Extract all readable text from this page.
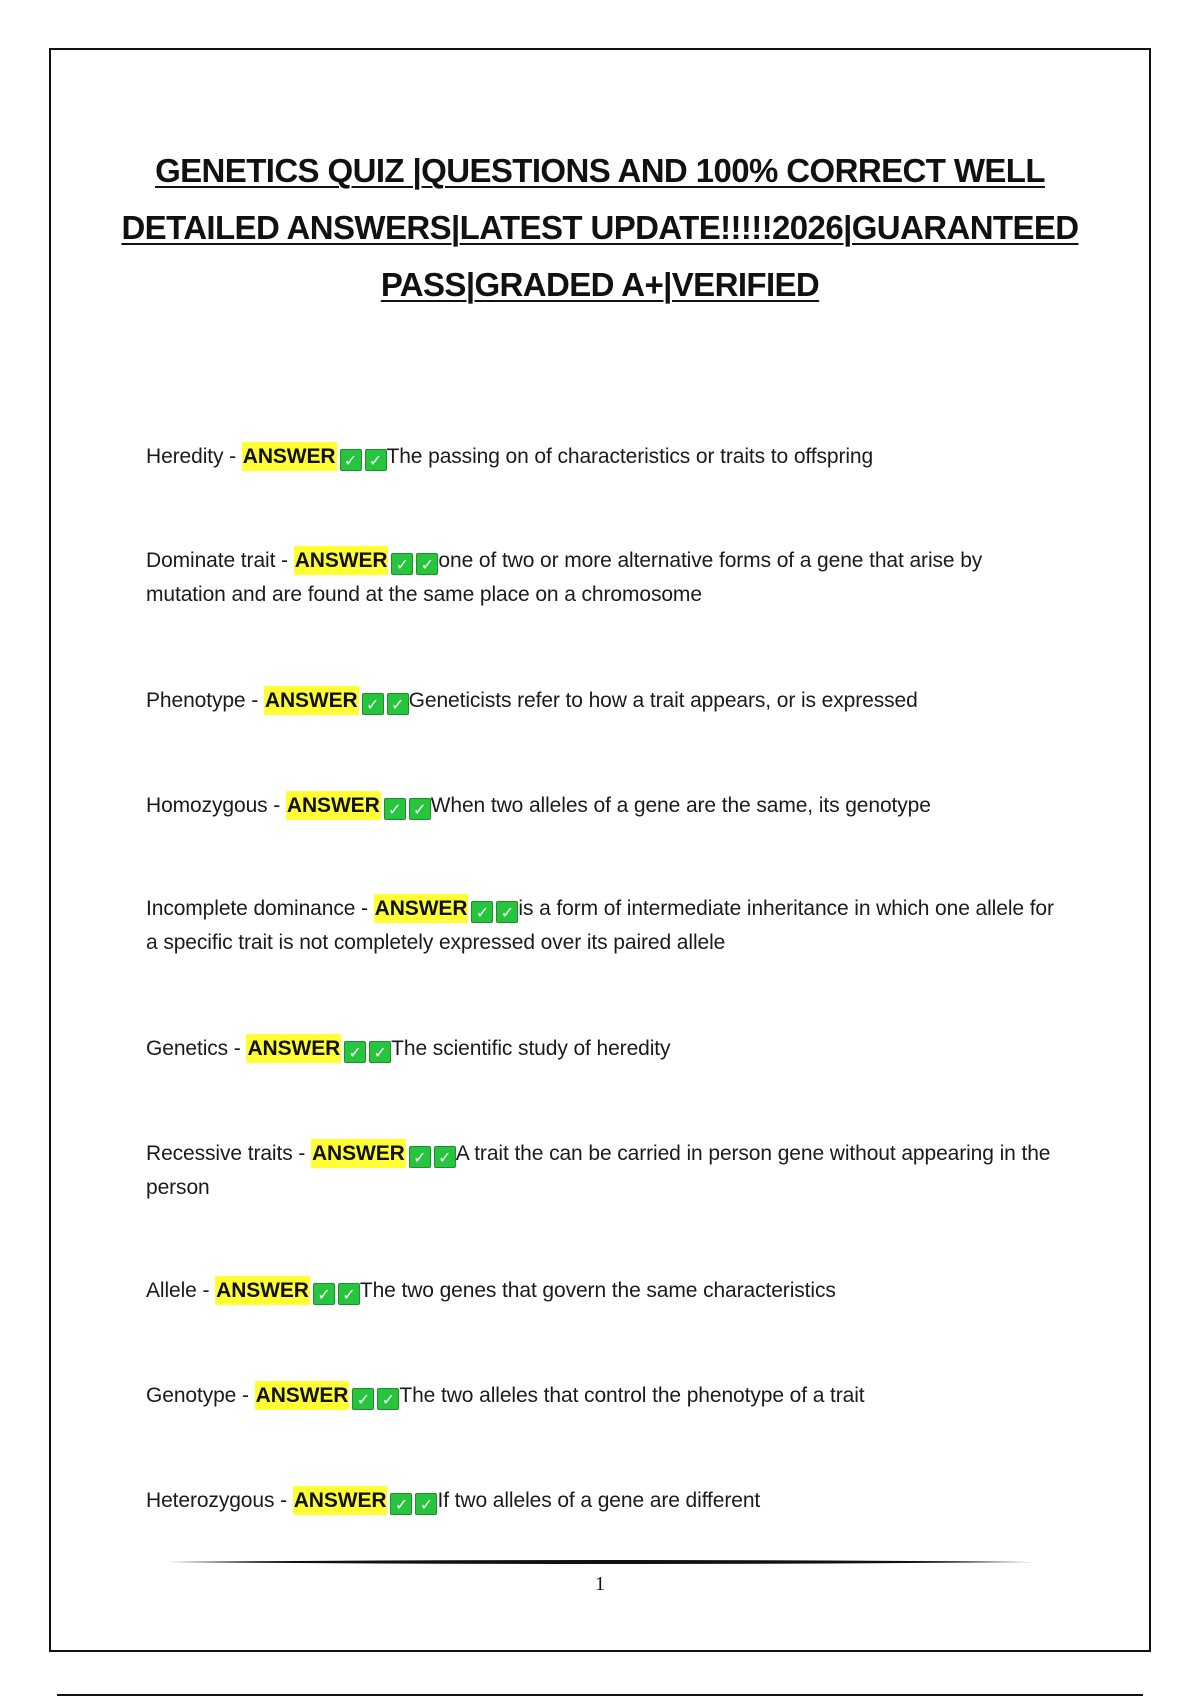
GENETICS QUIZ |QUESTIONS AND 100% CORRECT WELL DETAILED ANSWERS|LATEST UPDATE!!!!!2026|GUARANTEED PASS|GRADED A+|VERIFIED
Heredity - ANSWER ✓ ✓ The passing on of characteristics or traits to offspring
Dominate trait - ANSWER ✓ ✓ one of two or more alternative forms of a gene that arise by mutation and are found at the same place on a chromosome
Phenotype - ANSWER ✓ ✓ Geneticists refer to how a trait appears, or is expressed
Homozygous - ANSWER ✓ ✓ When two alleles of a gene are the same, its genotype
Incomplete dominance - ANSWER ✓ ✓ is a form of intermediate inheritance in which one allele for a specific trait is not completely expressed over its paired allele
Genetics - ANSWER ✓ ✓ The scientific study of heredity
Recessive traits - ANSWER ✓ ✓ A trait the can be carried in person gene without appearing in the person
Allele - ANSWER ✓ ✓ The two genes that govern the same characteristics
Genotype - ANSWER ✓ ✓ The two alleles that control the phenotype of a trait
Heterozygous - ANSWER ✓ ✓ If two alleles of a gene are different
1
